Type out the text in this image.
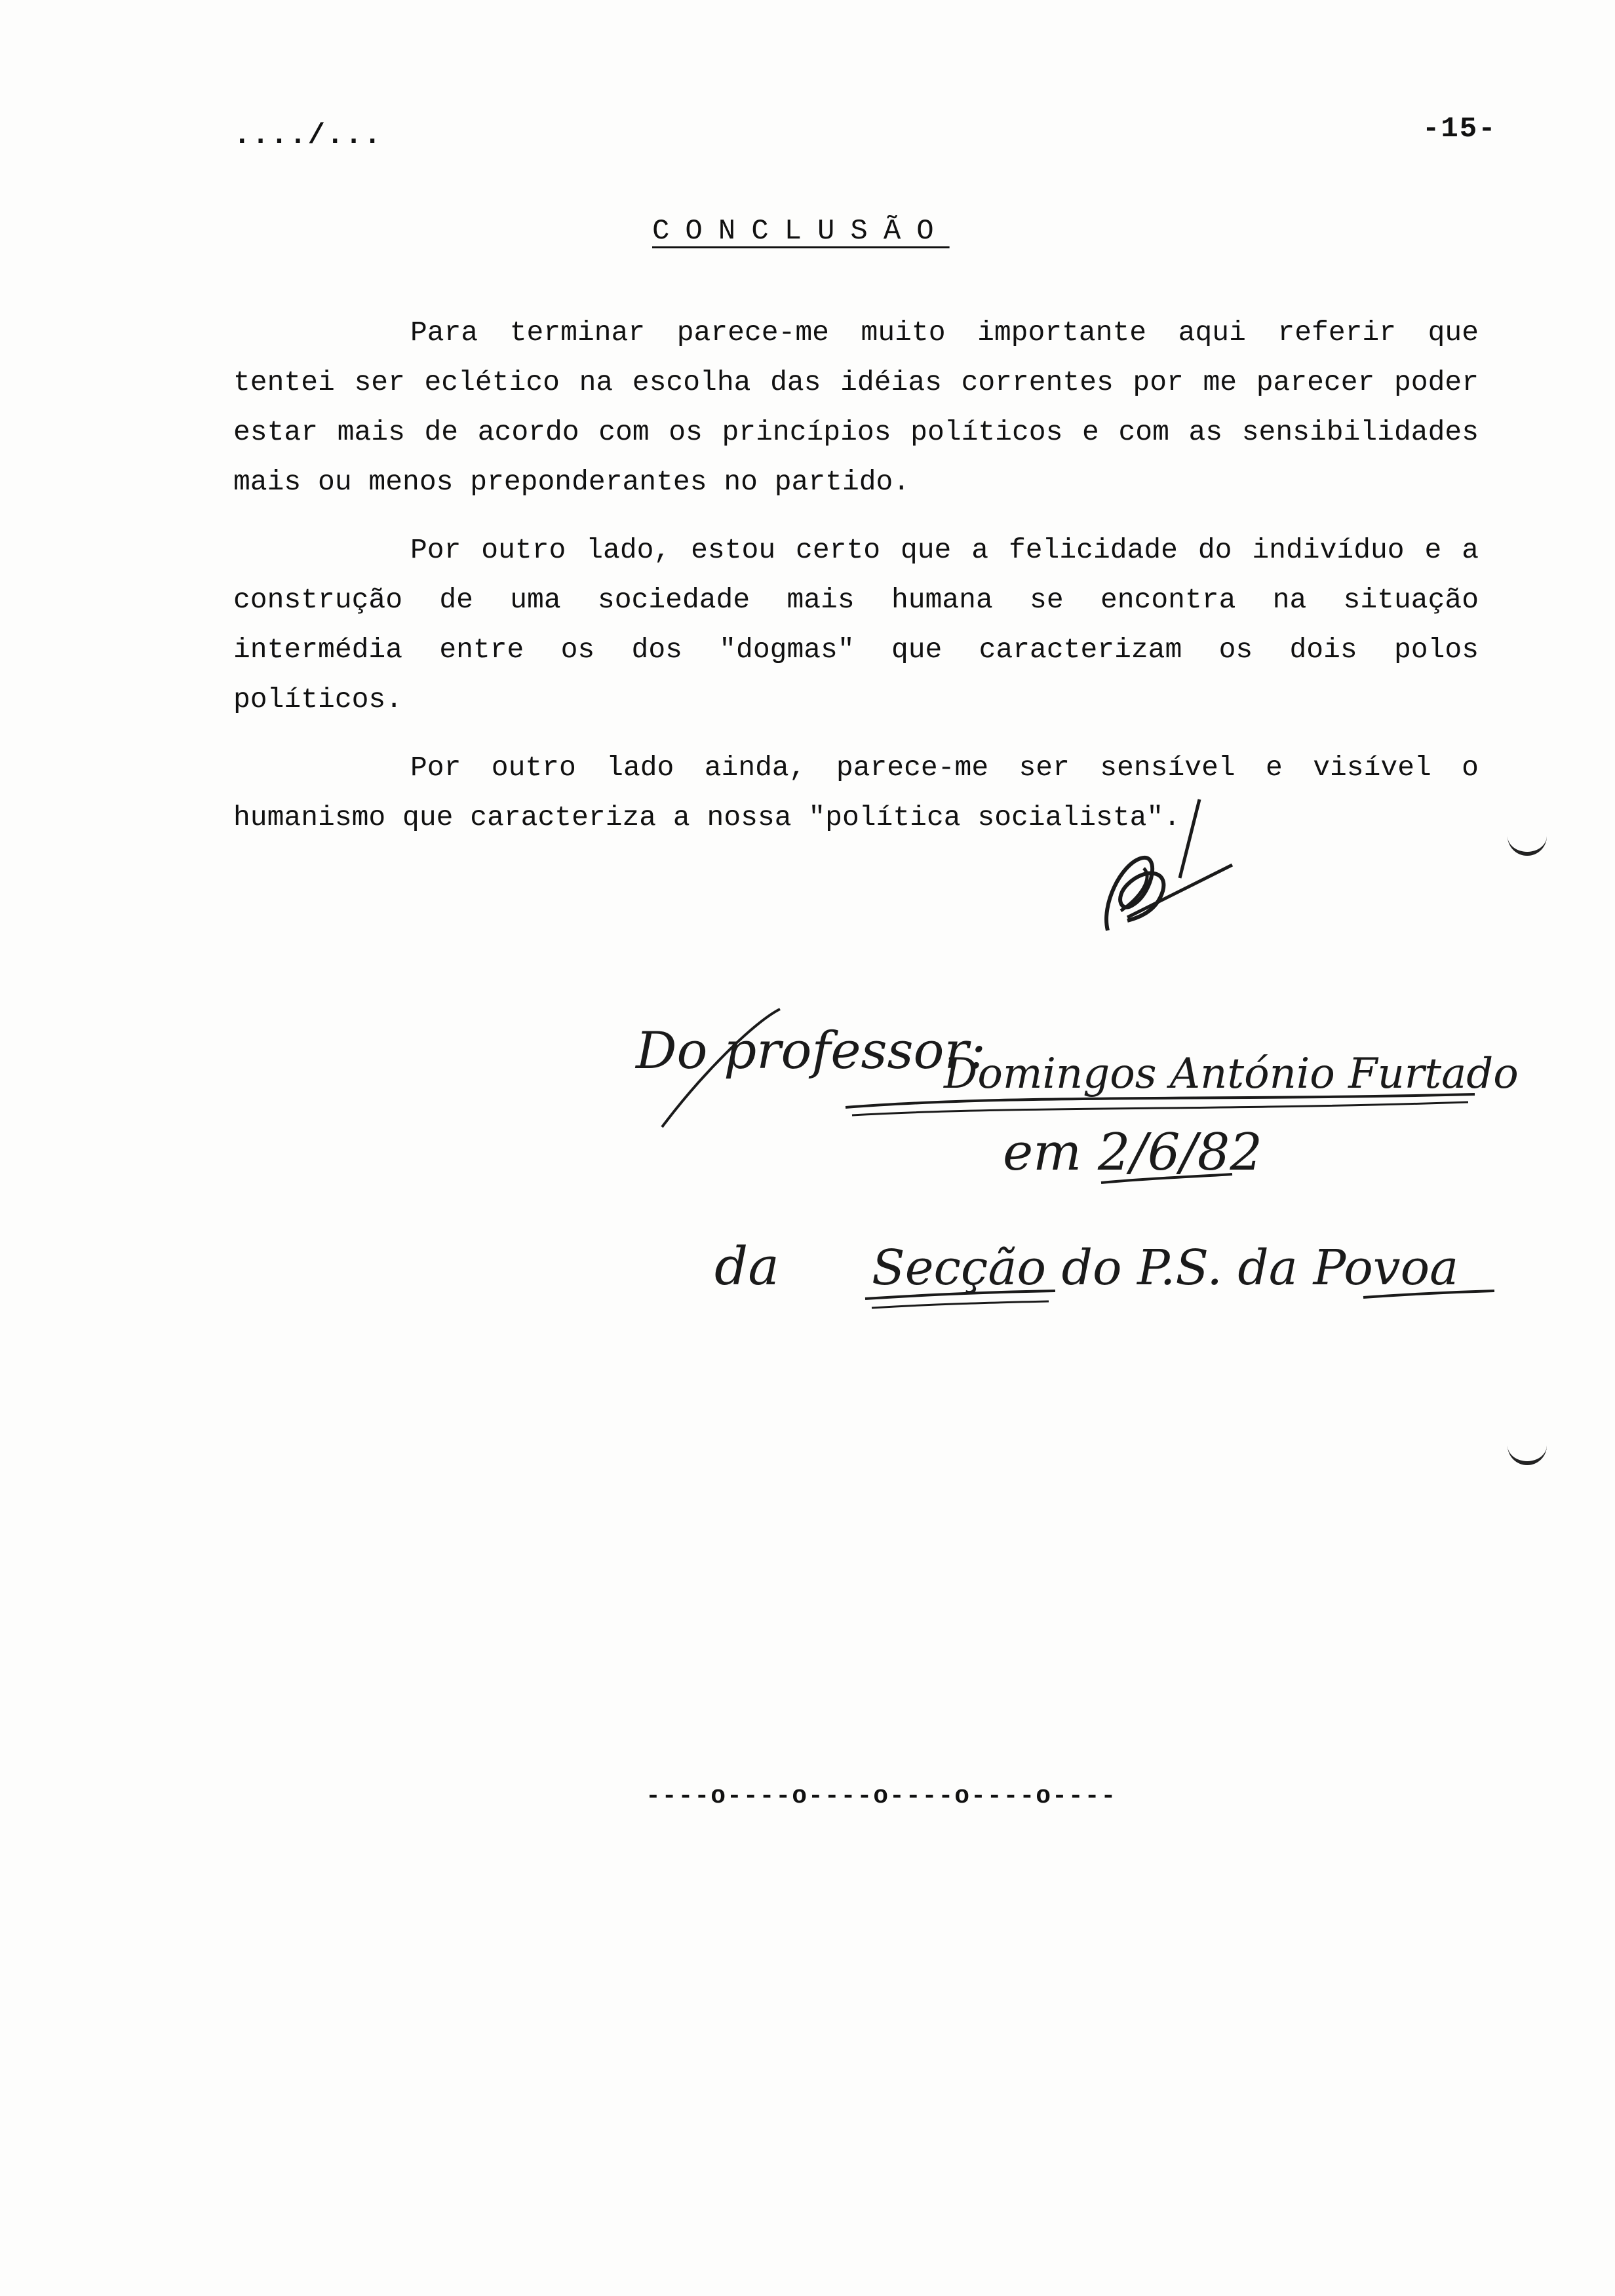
..../...	-15-
CONCLUSÃO

Para terminar parece-me muito importante aqui referir que tentei ser eclético na escolha das idéias correntes por me parecer poder estar mais de acordo com os princípios políticos e com as sensibilidades mais ou menos preponderantes no partido.

Por outro lado, estou certo que a felicidade do indivíduo e a construção de uma sociedade mais humana se encontra na situação intermédia entre os dos "dogmas" que caracterizam os dois polos políticos.

Por outro lado ainda, parece-me ser sensível e visível o humanismo que caracteriza a nossa "política socialista".

Do professor:
Domingos António Furtado
em 2/6/82
da Secção do P.S. da Povoa
----o----o----o----o----o----
